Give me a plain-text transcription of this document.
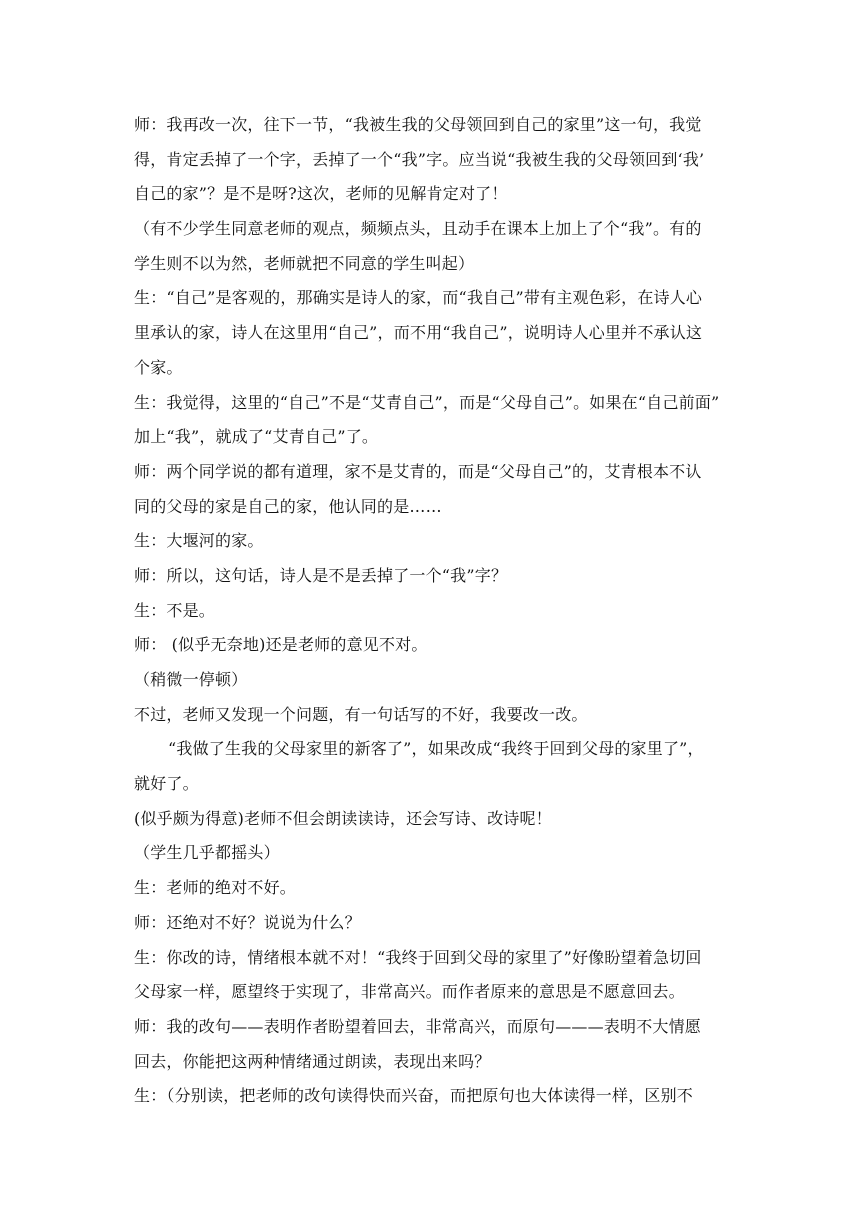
师：我再改一次，往下一节，“我被生我的父母领回到自己的家里”这一句，我觉
得，肯定丢掉了一个字，丢掉了一个“我”字。应当说“我被生我的父母领回到‘我’
自己的家”？是不是呀?这次，老师的见解肯定对了！
（有不少学生同意老师的观点，频频点头，且动手在课本上加上了个“我”。有的
学生则不以为然，老师就把不同意的学生叫起）
生：“自己”是客观的，那确实是诗人的家，而“我自己”带有主观色彩，在诗人心
里承认的家，诗人在这里用“自己”，而不用“我自己”，说明诗人心里并不承认这
个家。
生：我觉得，这里的“自己”不是“艾青自己”，而是“父母自己”。如果在“自己前面”
加上“我”，就成了“艾青自己”了。
师：两个同学说的都有道理，家不是艾青的，而是“父母自己”的，艾青根本不认
同的父母的家是自己的家，他认同的是……
生：大堰河的家。
师：所以，这句话，诗人是不是丢掉了一个“我”字？
生：不是。
师： (似乎无奈地)还是老师的意见不对。
（稍微一停顿）
不过，老师又发现一个问题，有一句话写的不好，我要改一改。
“我做了生我的父母家里的新客了”，如果改成“我终于回到父母的家里了”，
就好了。
(似乎颇为得意)老师不但会朗读读诗，还会写诗、改诗呢！
（学生几乎都摇头）
生：老师的绝对不好。
师：还绝对不好？说说为什么？
生：你改的诗，情绪根本就不对！“我终于回到父母的家里了”好像盼望着急切回
父母家一样，愿望终于实现了，非常高兴。而作者原来的意思是不愿意回去。
师：我的改句——表明作者盼望着回去，非常高兴，而原句———表明不大情愿
回去，你能把这两种情绪通过朗读，表现出来吗？
生：（分别读，把老师的改句读得快而兴奋，而把原句也大体读得一样，区别不
